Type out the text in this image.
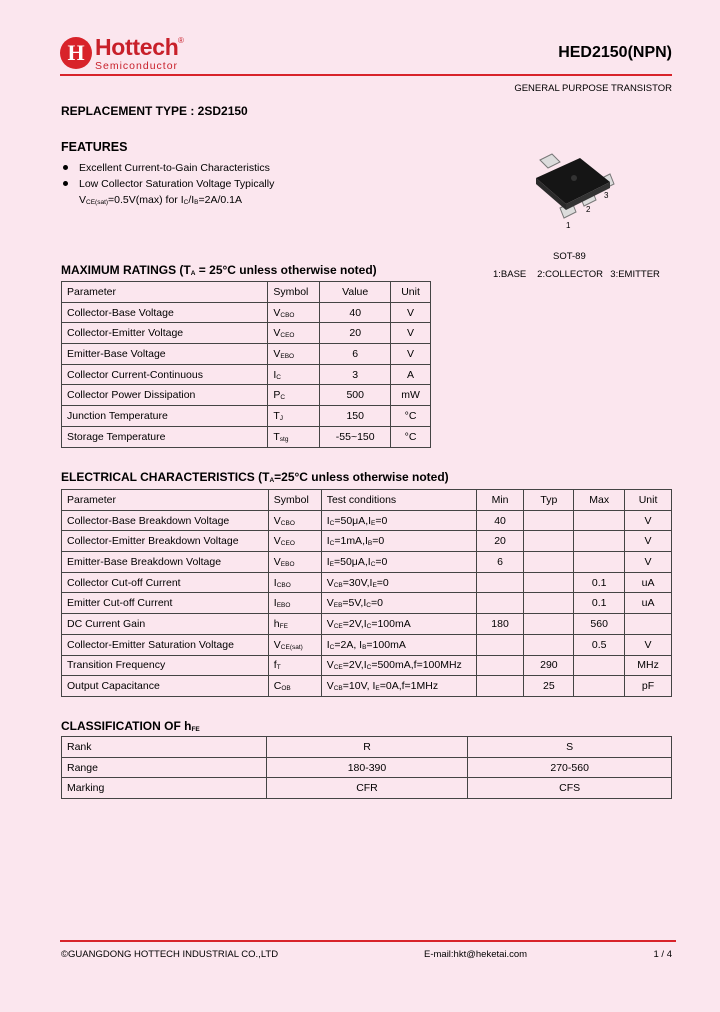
H Hottech ®
Semiconductor
HED2150(NPN)
GENERAL PURPOSE TRANSISTOR
REPLACEMENT TYPE : 2SD2150
FEATURES
Excellent Current-to-Gain Characteristics
Low Collector Saturation Voltage Typically
$V_{CE(sat)}=0.5V(\max)$ for $I_C/I_B=2A/0.1A$
1
2
3
SOT-89
1:BASE   2:COLLECTOR  3:EMITTER
MAXIMUM RATINGS ($T_A = 25^\circ C$ unless otherwise noted)
Parameter	Symbol	Value	Unit
Collector-Base Voltage	$V_{CBO}$	40	V
Collector-Emitter Voltage	$V_{CEO}$	20	V
Emitter-Base Voltage	$V_{EBO}$	6	V
Collector Current-Continuous	$I_C$	3	A
Collector Power Dissipation	$P_C$	500	mW
Junction Temperature	$T_J$	150	°C
Storage Temperature	$T_{stg}$	-55~150	°C
ELECTRICAL CHARACTERISTICS ($T_A=25^\circ C$ unless otherwise noted)
Parameter	Symbol	Test conditions	Min	Typ	Max	Unit
Collector-Base Breakdown Voltage	$V_{CBO}$	$I_C=50\mu A,I_E=0$	40			V
Collector-Emitter Breakdown Voltage	$V_{CEO}$	$I_C=1mA,I_B=0$	20			V
Emitter-Base Breakdown Voltage	$V_{EBO}$	$I_E=50\mu A,I_C=0$	6			V
Collector Cut-off Current	$I_{CBO}$	$V_{CB}=30V,I_E=0$			0.1	uA
Emitter Cut-off Current	$I_{EBO}$	$V_{EB}=5V,I_C=0$			0.1	uA
DC Current Gain	$h_{FE}$	$V_{CE}=2V,I_C=100mA$	180		560	
Collector-Emitter Saturation Voltage	$V_{CE(sat)}$	$I_C=2A$, $I_B=100mA$			0.5	V
Transition Frequency	$f_T$	$V_{CE}=2V,I_C=500mA,f=100MHz$		290		MHz
Output Capacitance	$C_{OB}$	$V_{CB}=10V$, $I_E=0A,f=1MHz$		25		pF
CLASSIFICATION OF $h_{FE}$
Rank	R	S
Range	180-390	270-560
Marking	CFR	CFS
©GUANGDONG HOTTECH INDUSTRIAL CO.,LTD	E-mail:hkt@heketai.com	1 / 4
